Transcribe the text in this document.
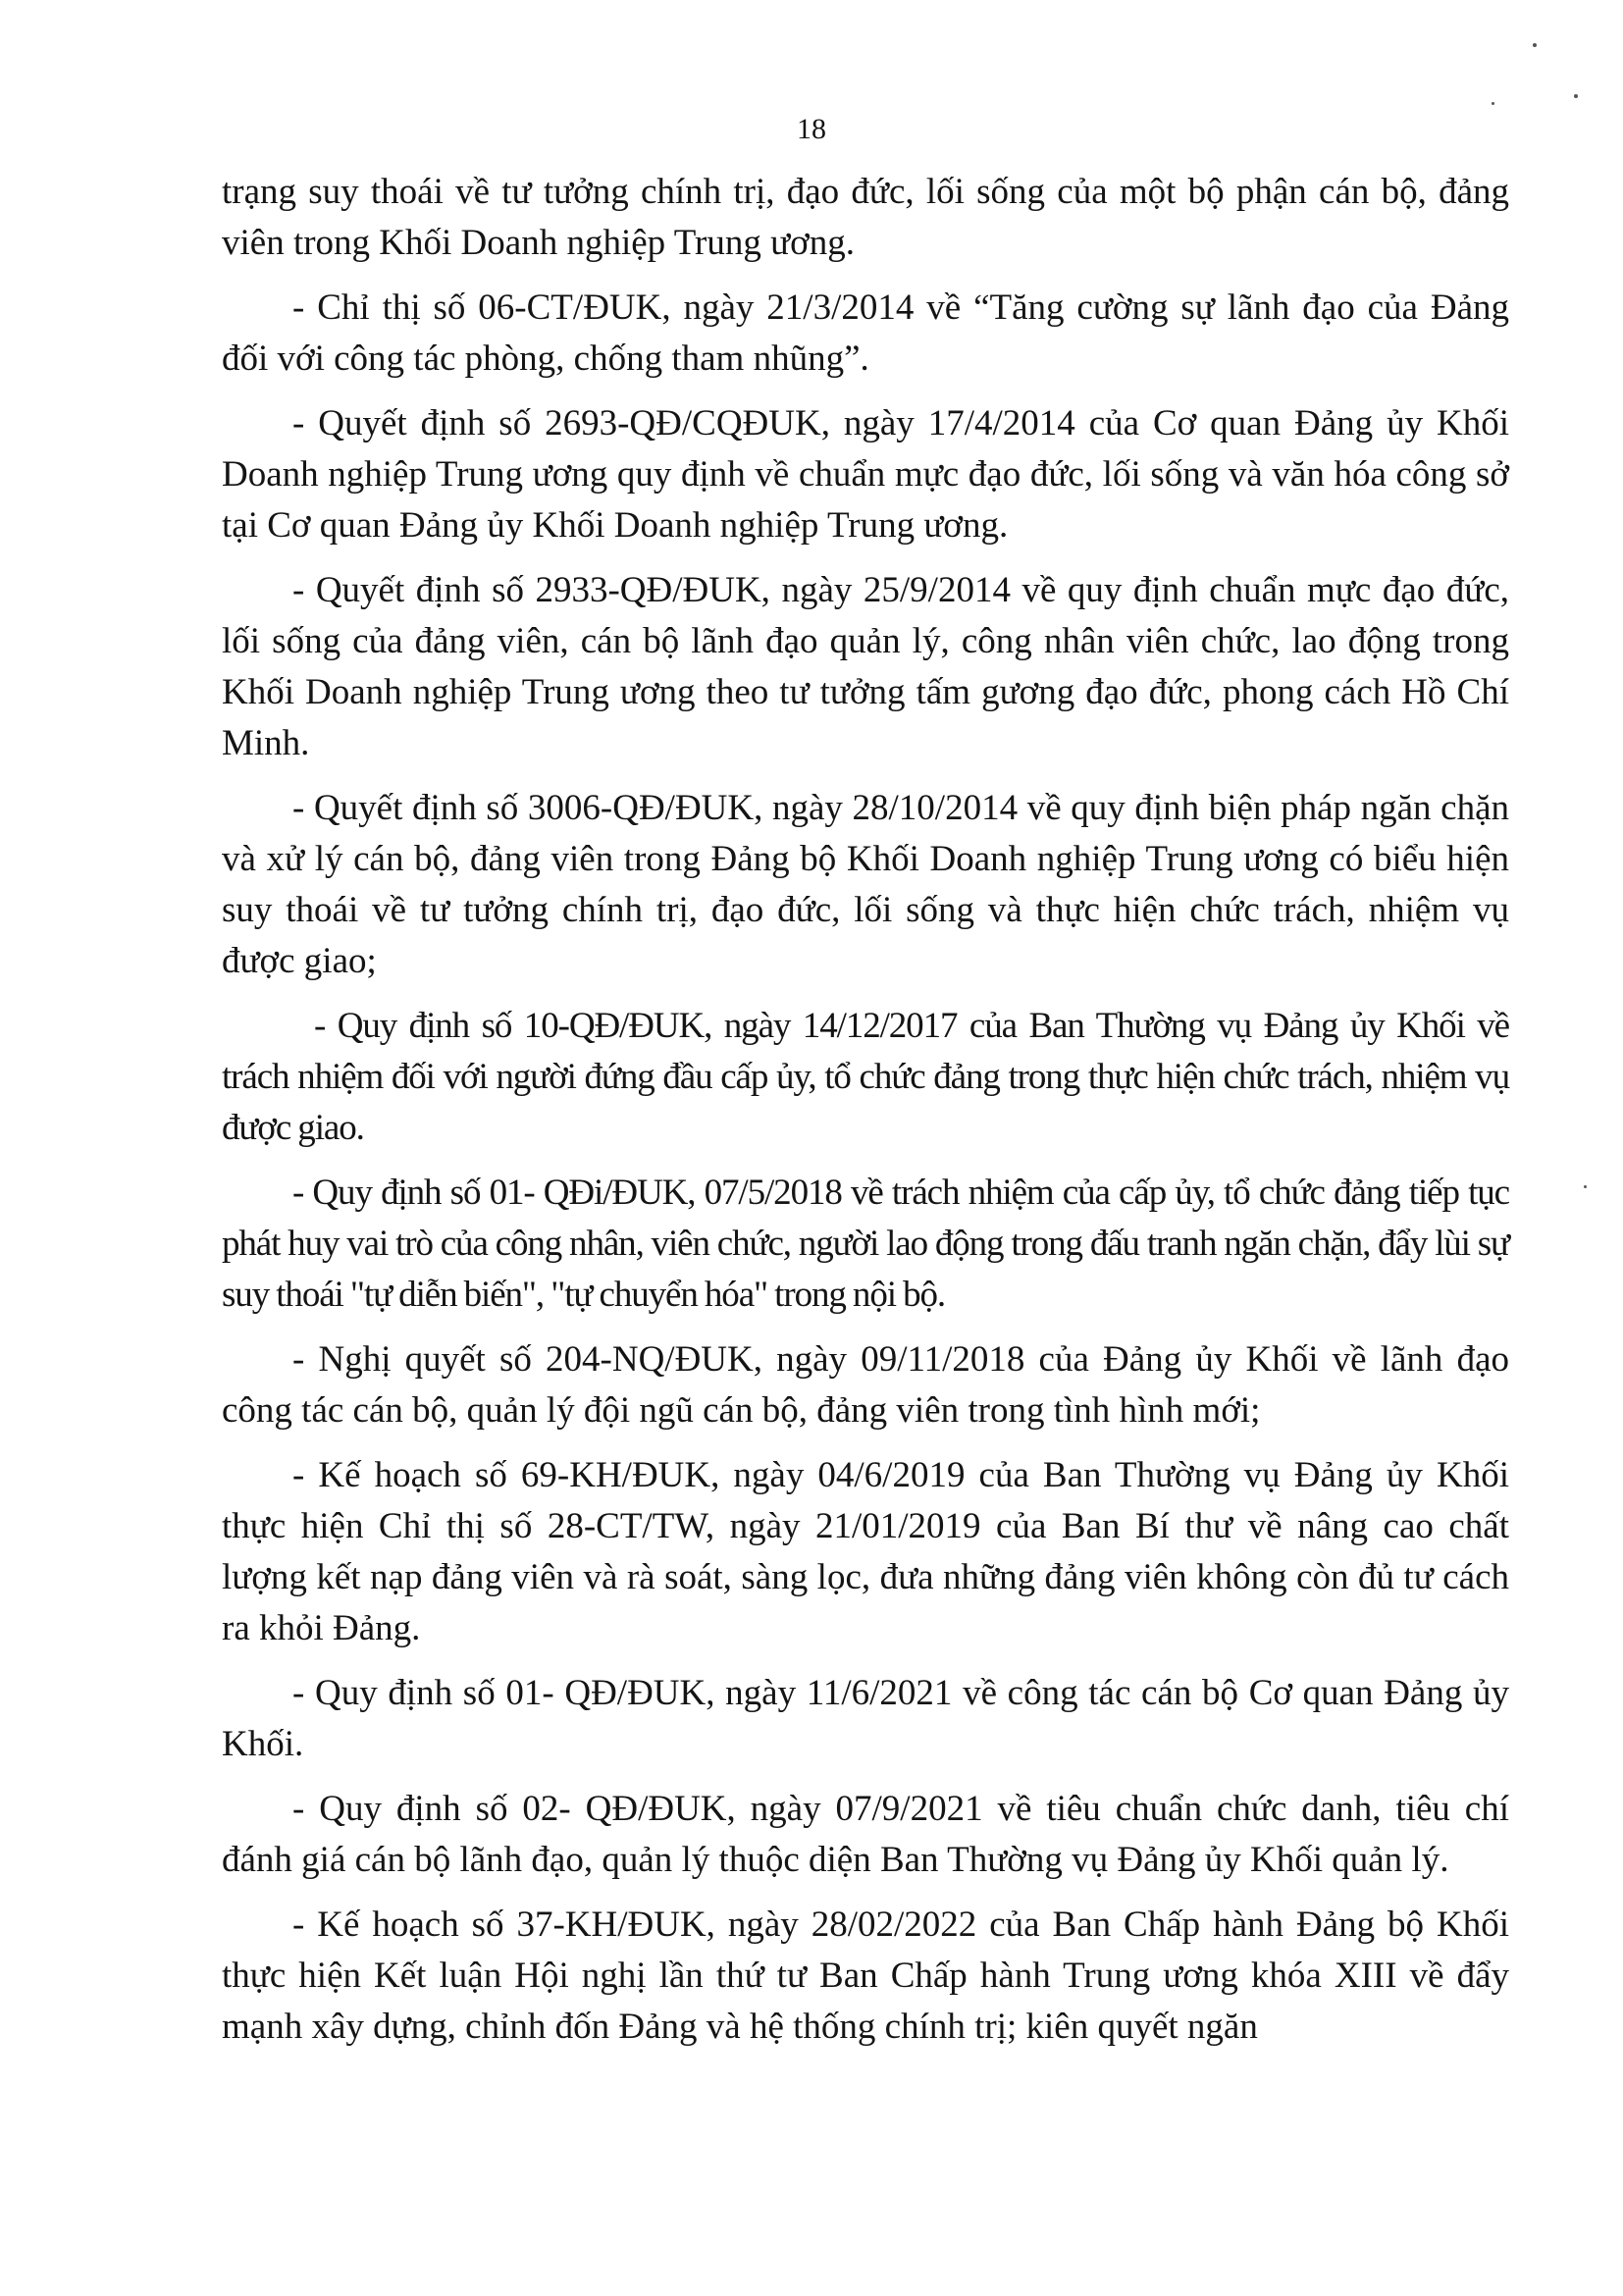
18

trạng suy thoái về tư tưởng chính trị, đạo đức, lối sống của một bộ phận cán bộ, đảng viên trong Khối Doanh nghiệp Trung ương.

- Chỉ thị số 06-CT/ĐUK, ngày 21/3/2014 về “Tăng cường sự lãnh đạo của Đảng đối với công tác phòng, chống tham nhũng”.

- Quyết định số 2693-QĐ/CQĐUK, ngày 17/4/2014 của Cơ quan Đảng ủy Khối Doanh nghiệp Trung ương quy định về chuẩn mực đạo đức, lối sống và văn hóa công sở tại Cơ quan Đảng ủy Khối Doanh nghiệp Trung ương.

- Quyết định số 2933-QĐ/ĐUK, ngày 25/9/2014 về quy định chuẩn mực đạo đức, lối sống của đảng viên, cán bộ lãnh đạo quản lý, công nhân viên chức, lao động trong Khối Doanh nghiệp Trung ương theo tư tưởng tấm gương đạo đức, phong cách Hồ Chí Minh.

- Quyết định số 3006-QĐ/ĐUK, ngày 28/10/2014 về quy định biện pháp ngăn chặn và xử lý cán bộ, đảng viên trong Đảng bộ Khối Doanh nghiệp Trung ương có biểu hiện suy thoái về tư tưởng chính trị, đạo đức, lối sống và thực hiện chức trách, nhiệm vụ được giao;

- Quy định số 10-QĐ/ĐUK, ngày 14/12/2017 của Ban Thường vụ Đảng ủy Khối về trách nhiệm đối với người đứng đầu cấp ủy, tổ chức đảng trong thực hiện chức trách, nhiệm vụ được giao.

- Quy định số 01- QĐi/ĐUK, 07/5/2018 về trách nhiệm của cấp ủy, tổ chức đảng tiếp tục phát huy vai trò của công nhân, viên chức, người lao động trong đấu tranh ngăn chặn, đẩy lùi sự suy thoái "tự diễn biến", "tự chuyển hóa" trong nội bộ.

- Nghị quyết số 204-NQ/ĐUK, ngày 09/11/2018 của Đảng ủy Khối về lãnh đạo công tác cán bộ, quản lý đội ngũ cán bộ, đảng viên trong tình hình mới;

- Kế hoạch số 69-KH/ĐUK, ngày 04/6/2019 của Ban Thường vụ Đảng ủy Khối thực hiện Chỉ thị số 28-CT/TW, ngày 21/01/2019 của Ban Bí thư về nâng cao chất lượng kết nạp đảng viên và rà soát, sàng lọc, đưa những đảng viên không còn đủ tư cách ra khỏi Đảng.

- Quy định số 01- QĐ/ĐUK, ngày 11/6/2021 về công tác cán bộ Cơ quan Đảng ủy Khối.

- Quy định số 02- QĐ/ĐUK, ngày 07/9/2021 về tiêu chuẩn chức danh, tiêu chí đánh giá cán bộ lãnh đạo, quản lý thuộc diện Ban Thường vụ Đảng ủy Khối quản lý.

- Kế hoạch số 37-KH/ĐUK, ngày 28/02/2022 của Ban Chấp hành Đảng bộ Khối thực hiện Kết luận Hội nghị lần thứ tư Ban Chấp hành Trung ương khóa XIII về đẩy mạnh xây dựng, chỉnh đốn Đảng và hệ thống chính trị; kiên quyết ngăn
